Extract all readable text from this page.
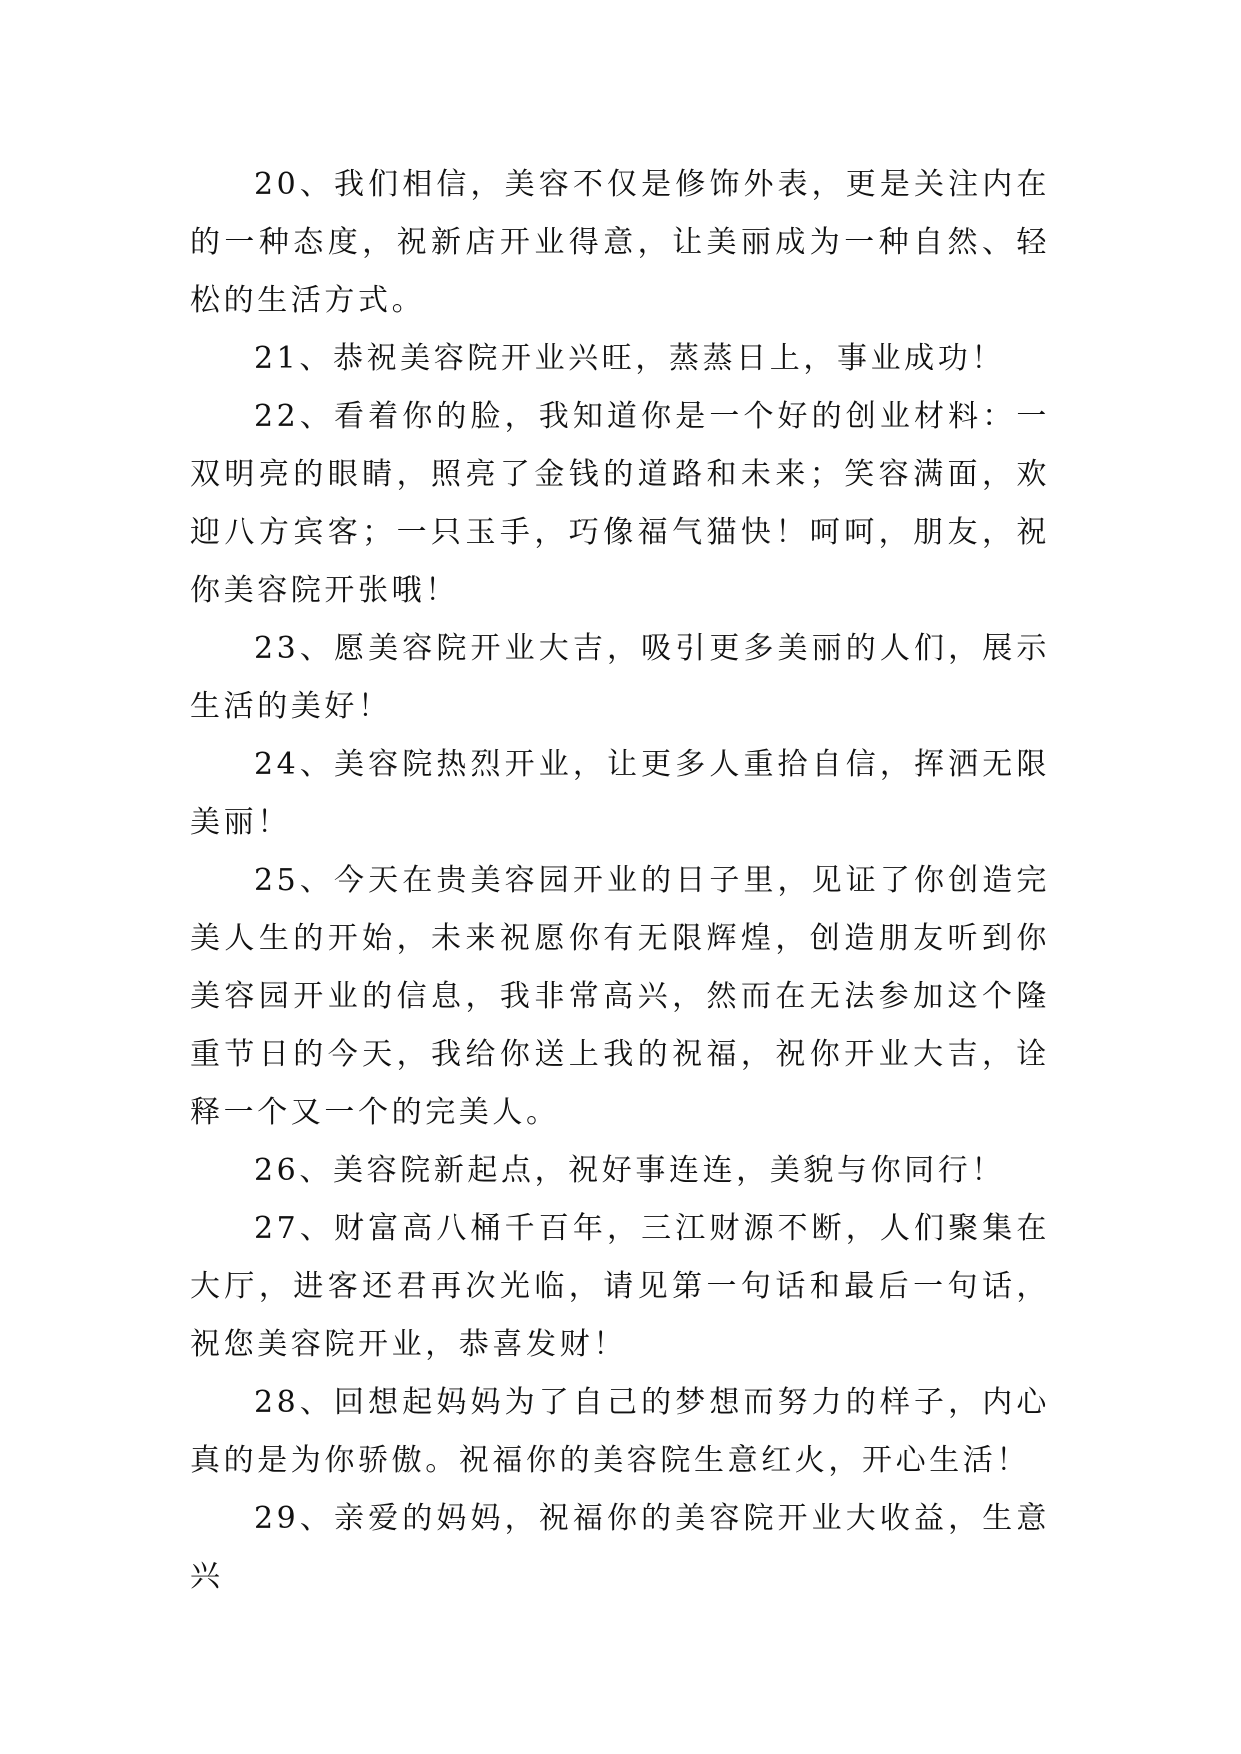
20、我们相信，美容不仅是修饰外表，更是关注内在的一种态度，祝新店开业得意，让美丽成为一种自然、轻松的生活方式。

21、恭祝美容院开业兴旺，蒸蒸日上，事业成功！

22、看着你的脸，我知道你是一个好的创业材料：一双明亮的眼睛，照亮了金钱的道路和未来；笑容满面，欢迎八方宾客；一只玉手，巧像福气猫快！呵呵，朋友，祝你美容院开张哦！

23、愿美容院开业大吉，吸引更多美丽的人们，展示生活的美好！

24、美容院热烈开业，让更多人重拾自信，挥洒无限美丽！

25、今天在贵美容园开业的日子里，见证了你创造完美人生的开始，未来祝愿你有无限辉煌，创造朋友听到你美容园开业的信息，我非常高兴，然而在无法参加这个隆重节日的今天，我给你送上我的祝福，祝你开业大吉，诠释一个又一个的完美人。

26、美容院新起点，祝好事连连，美貌与你同行！

27、财富高八桶千百年，三江财源不断，人们聚集在大厅，进客还君再次光临，请见第一句话和最后一句话，祝您美容院开业，恭喜发财！

28、回想起妈妈为了自己的梦想而努力的样子，内心真的是为你骄傲。祝福你的美容院生意红火，开心生活！

29、亲爱的妈妈，祝福你的美容院开业大收益，生意兴
